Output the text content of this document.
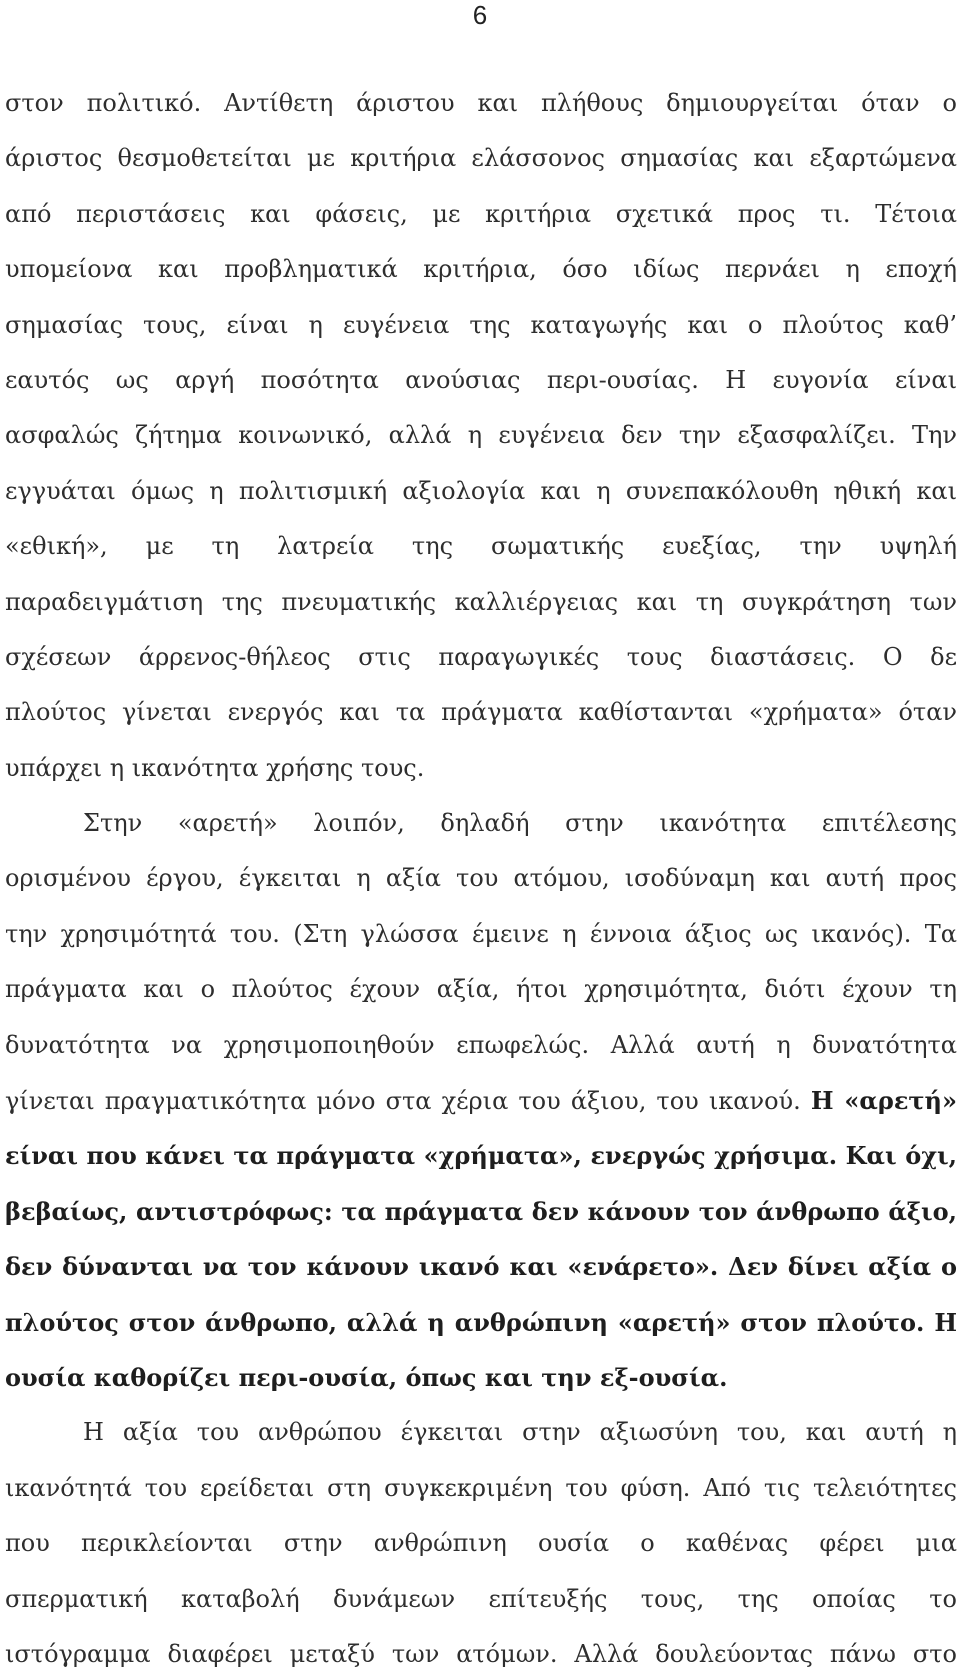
6
στον πολιτικό. Αντίθετη άριστου και πλήθους δημιουργείται όταν ο
άριστος θεσμοθετείται με κριτήρια ελάσσονος σημασίας και εξαρτώμενα
από περιστάσεις και φάσεις, με κριτήρια σχετικά προς τι. Τέτοια
υπομείονα και προβληματικά κριτήρια, όσο ιδίως περνάει η εποχή
σημασίας τους, είναι η ευγένεια της καταγωγής και ο πλούτος καθ’
εαυτός ως αργή ποσότητα ανούσιας περι-ουσίας. Η ευγονία είναι
ασφαλώς ζήτημα κοινωνικό, αλλά η ευγένεια δεν την εξασφαλίζει. Την
εγγυάται όμως η πολιτισμική αξιολογία και η συνεπακόλουθη ηθική και
«εθική», με τη λατρεία της σωματικής ευεξίας, την υψηλή
παραδειγμάτιση της πνευματικής καλλιέργειας και τη συγκράτηση των
σχέσεων άρρενος-θήλεος στις παραγωγικές τους διαστάσεις. Ο δε
πλούτος γίνεται ενεργός και τα πράγματα καθίστανται «χρήματα» όταν
υπάρχει η ικανότητα χρήσης τους.
Στην «αρετή» λοιπόν, δηλαδή στην ικανότητα επιτέλεσης
ορισμένου έργου, έγκειται η αξία του ατόμου, ισοδύναμη και αυτή προς
την χρησιμότητά του. (Στη γλώσσα έμεινε η έννοια άξιος ως ικανός). Τα
πράγματα και ο πλούτος έχουν αξία, ήτοι χρησιμότητα, διότι έχουν τη
δυνατότητα να χρησιμοποιηθούν επωφελώς. Αλλά αυτή η δυνατότητα
γίνεται πραγματικότητα μόνο στα χέρια του άξιου, του ικανού. Η «αρετή»
είναι που κάνει τα πράγματα «χρήματα», ενεργώς χρήσιμα. Και όχι,
βεβαίως, αντιστρόφως: τα πράγματα δεν κάνουν τον άνθρωπο άξιο,
δεν δύνανται να τον κάνουν ικανό και «ενάρετο». Δεν δίνει αξία ο
πλούτος στον άνθρωπο, αλλά η ανθρώπινη «αρετή» στον πλούτο. Η
ουσία καθορίζει περι-ουσία, όπως και την εξ-ουσία.
Η αξία του ανθρώπου έγκειται στην αξιωσύνη του, και αυτή η
ικανότητά του ερείδεται στη συγκεκριμένη του φύση. Από τις τελειότητες
που περικλείονται στην ανθρώπινη ουσία ο καθένας φέρει μια
σπερματική καταβολή δυνάμεων επίτευξής τους, της οποίας το
ιστόγραμμα διαφέρει μεταξύ των ατόμων. Αλλά δουλεύοντας πάνω στο
